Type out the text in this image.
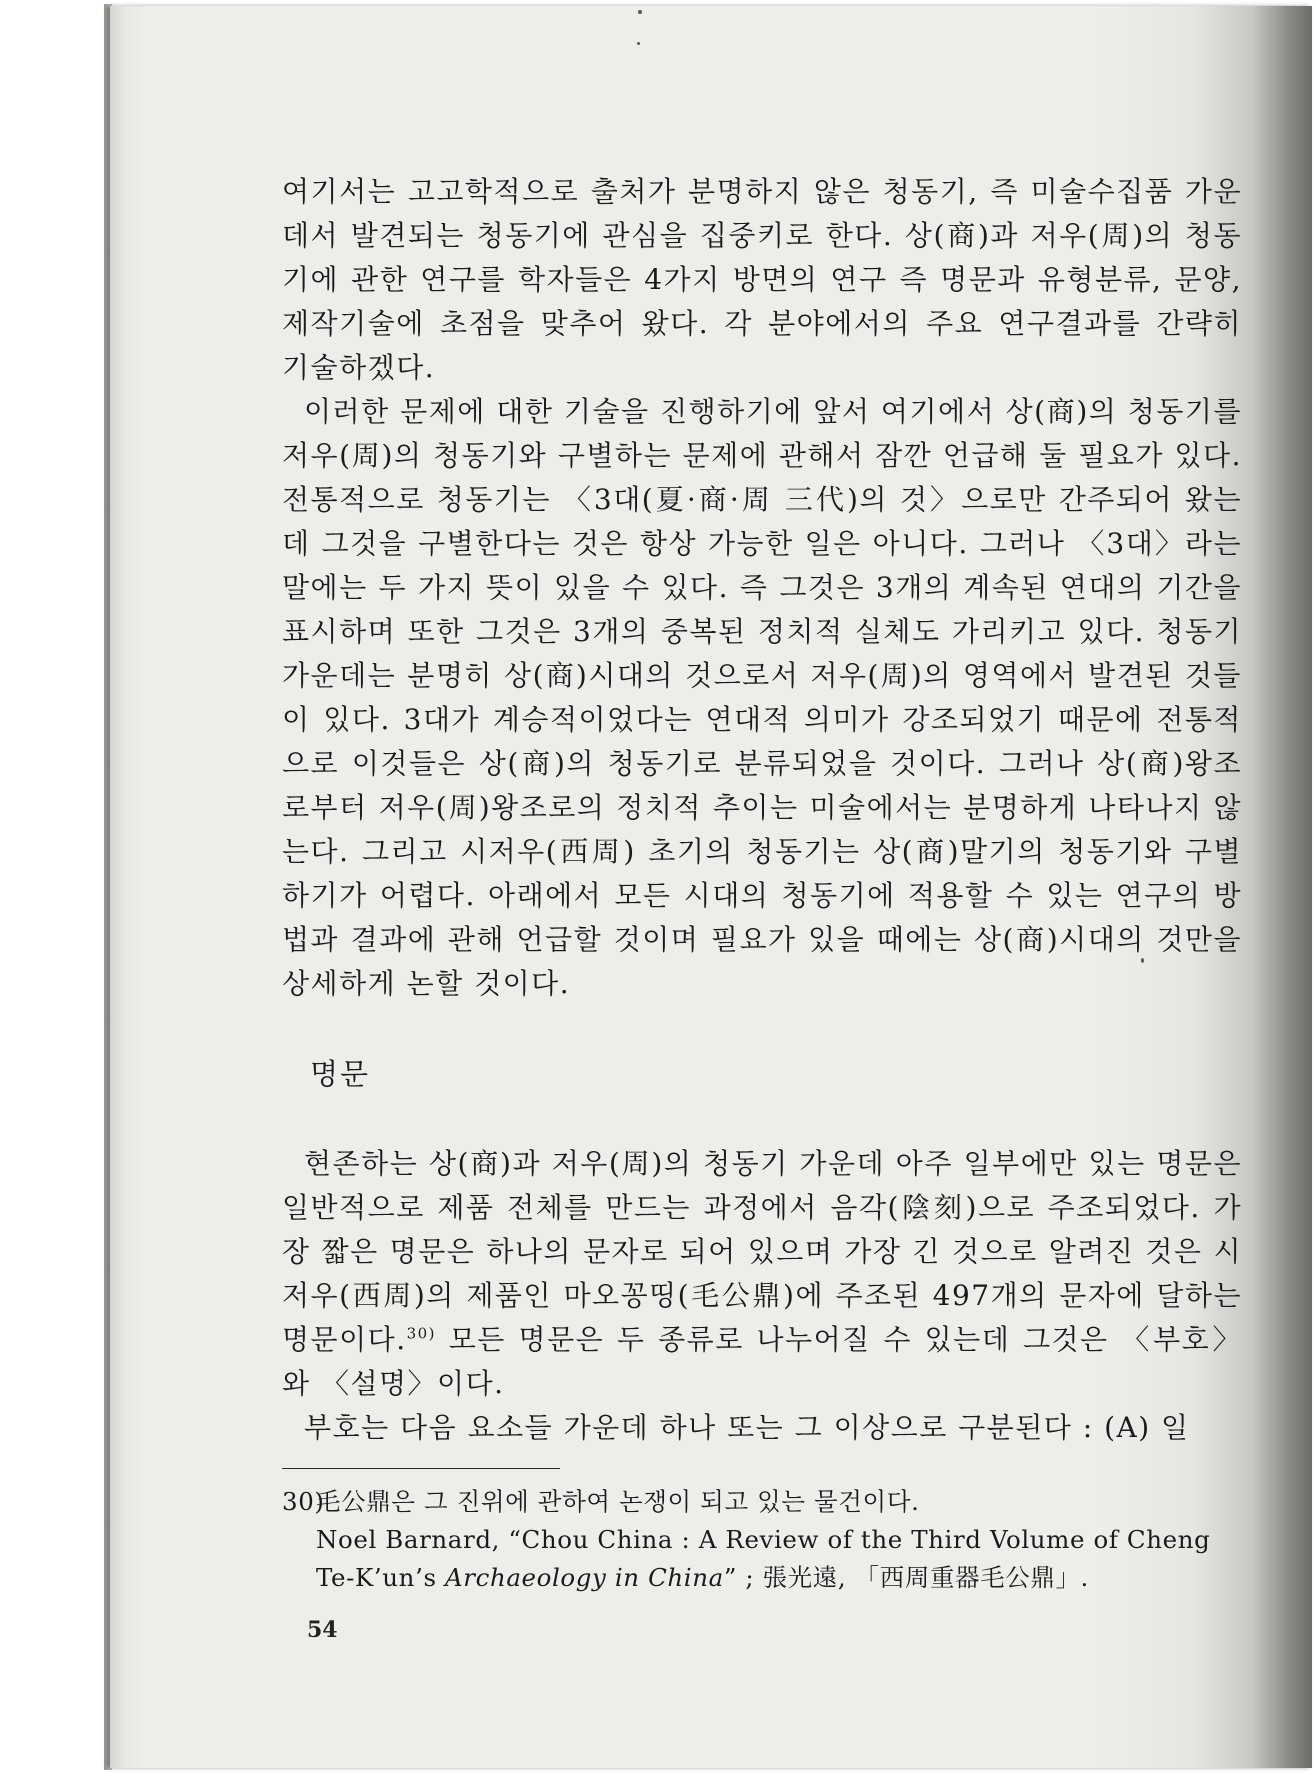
여기서는 고고학적으로 출처가 분명하지 않은 청동기, 즉 미술수집품 가운데서 발견되는 청동기에 관심을 집중키로 한다. 상(商)과 저우(周)의 청동기에 관한 연구를 학자들은 4가지 방면의 연구 즉 명문과 유형분류, 문양, 제작기술에 초점을 맞추어 왔다. 각 분야에서의 주요 연구결과를 간략히 기술하겠다.

이러한 문제에 대한 기술을 진행하기에 앞서 여기에서 상(商)의 청동기를 저우(周)의 청동기와 구별하는 문제에 관해서 잠깐 언급해 둘 필요가 있다. 전통적으로 청동기는 〈3대(夏·商·周 三代)의 것〉으로만 간주되어 왔는데 그것을 구별한다는 것은 항상 가능한 일은 아니다. 그러나 〈3대〉라는 말에는 두 가지 뜻이 있을 수 있다. 즉 그것은 3개의 계속된 연대의 기간을 표시하며 또한 그것은 3개의 중복된 정치적 실체도 가리키고 있다. 청동기 가운데는 분명히 상(商)시대의 것으로서 저우(周)의 영역에서 발견된 것들이 있다. 3대가 계승적이었다는 연대적 의미가 강조되었기 때문에 전통적으로 이것들은 상(商)의 청동기로 분류되었을 것이다. 그러나 상(商)왕조로부터 저우(周)왕조로의 정치적 추이는 미술에서는 분명하게 나타나지 않는다. 그리고 시저우(西周) 초기의 청동기는 상(商)말기의 청동기와 구별하기가 어렵다. 아래에서 모든 시대의 청동기에 적용할 수 있는 연구의 방법과 결과에 관해 언급할 것이며 필요가 있을 때에는 상(商)시대의 것만을 상세하게 논할 것이다.

명문

현존하는 상(商)과 저우(周)의 청동기 가운데 아주 일부에만 있는 명문은 일반적으로 제품 전체를 만드는 과정에서 음각(陰刻)으로 주조되었다. 가장 짧은 명문은 하나의 문자로 되어 있으며 가장 긴 것으로 알려진 것은 시저우(西周)의 제품인 마오꽁띵(毛公鼎)에 주조된 497개의 문자에 달하는 명문이다.$^{30)}$ 모든 명문은 두 종류로 나누어질 수 있는데 그것은 〈부호〉와 〈설명〉이다.

부호는 다음 요소들 가운데 하나 또는 그 이상으로 구분된다 : (A) 일

30)毛公鼎은 그 진위에 관하여 논쟁이 되고 있는 물건이다.
Noel Barnard, “Chou China : A Review of the Third Volume of Cheng Te-K’un’s Archaeology in China” ; 張光遠, 「西周重器毛公鼎」.
54
